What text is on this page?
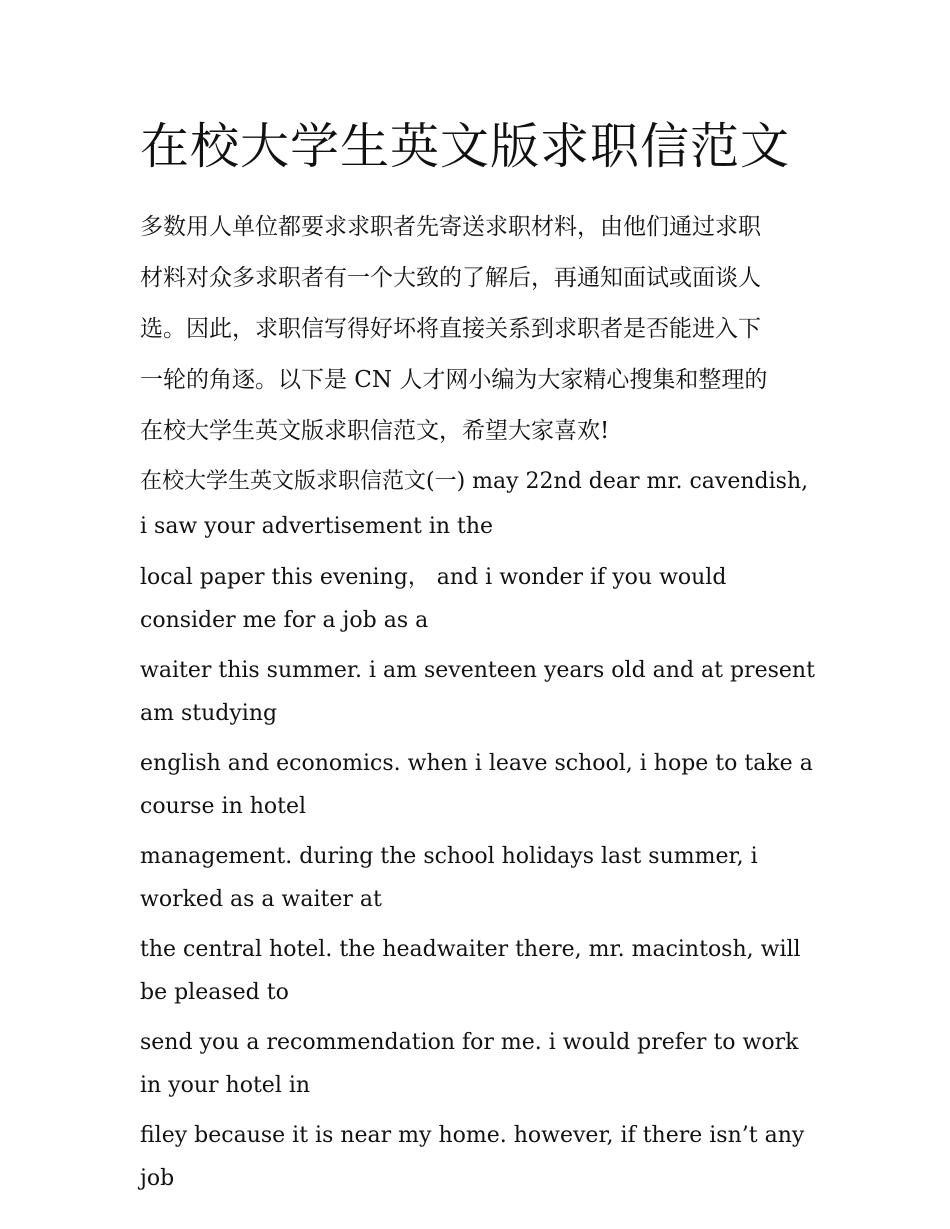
在校大学生英文版求职信范文
多数用人单位都要求求职者先寄送求职材料，由他们通过求职
材料对众多求职者有一个大致的了解后，再通知面试或面谈人
选。因此，求职信写得好坏将直接关系到求职者是否能进入下
一轮的角逐。以下是 CN 人才网小编为大家精心搜集和整理的
在校大学生英文版求职信范文，希望大家喜欢!

在校大学生英文版求职信范文(一) may 22nd dear mr. cavendish, i saw your advertisement in the

local paper this evening， and i wonder if you would consider me for a job as a

waiter this summer. i am seventeen years old and at present am studying

english and economics. when i leave school, i hope to take a course in hotel

management. during the school holidays last summer, i worked as a waiter at

the central hotel. the headwaiter there, mr. macintosh, will be pleased to

send you a recommendation for me. i would prefer to work in your hotel in

filey because it is near my home. however, if there isn’t any job
